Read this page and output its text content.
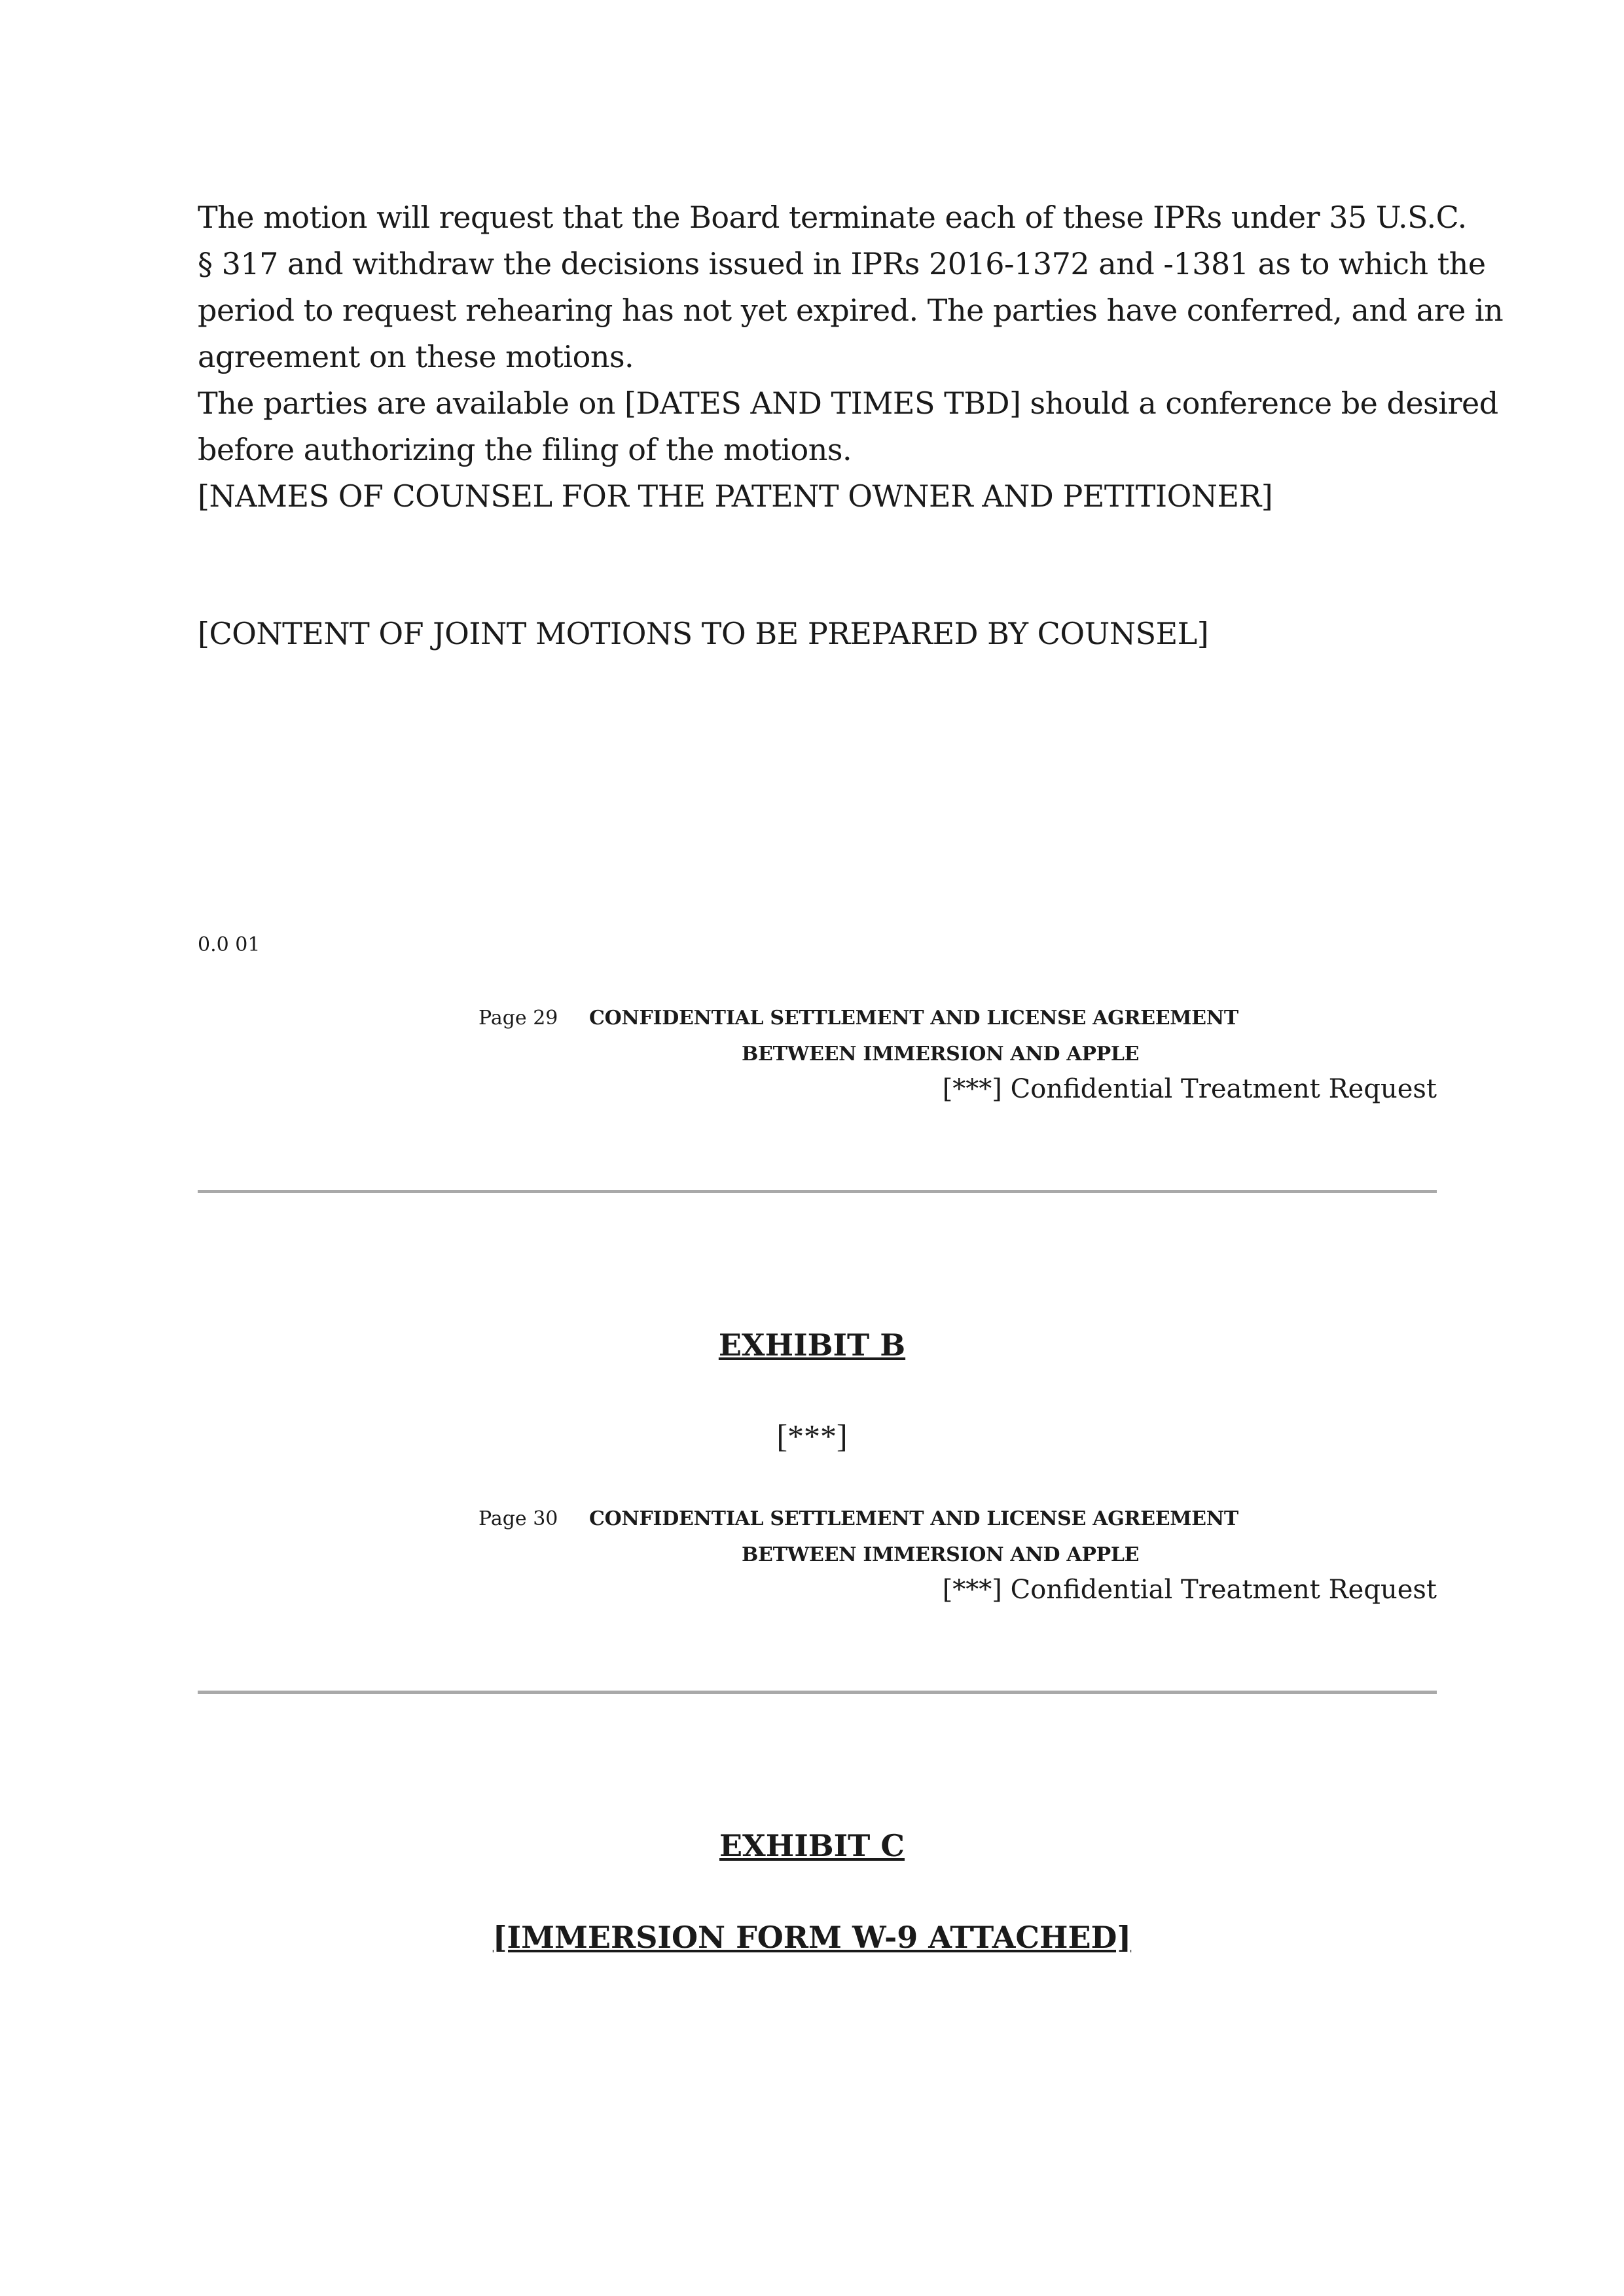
The motion will request that the Board terminate each of these IPRs under 35 U.S.C.

§ 317 and withdraw the decisions issued in IPRs 2016-1372 and -1381 as to which the

period to request rehearing has not yet expired. The parties have conferred, and are in

agreement on these motions.

The parties are available on [DATES AND TIMES TBD] should a conference be desired

before authorizing the filing of the motions.

[NAMES OF COUNSEL FOR THE PATENT OWNER AND PETITIONER]

[CONTENT OF JOINT MOTIONS TO BE PREPARED BY COUNSEL]

0.0 01

Page 29 CONFIDENTIAL SETTLEMENT AND LICENSE AGREEMENT
BETWEEN IMMERSION AND APPLE
[***] Confidential Treatment Request
EXHIBIT B
[***]
Page 30 CONFIDENTIAL SETTLEMENT AND LICENSE AGREEMENT
BETWEEN IMMERSION AND APPLE
[***] Confidential Treatment Request
EXHIBIT C
[IMMERSION FORM W-9 ATTACHED]
